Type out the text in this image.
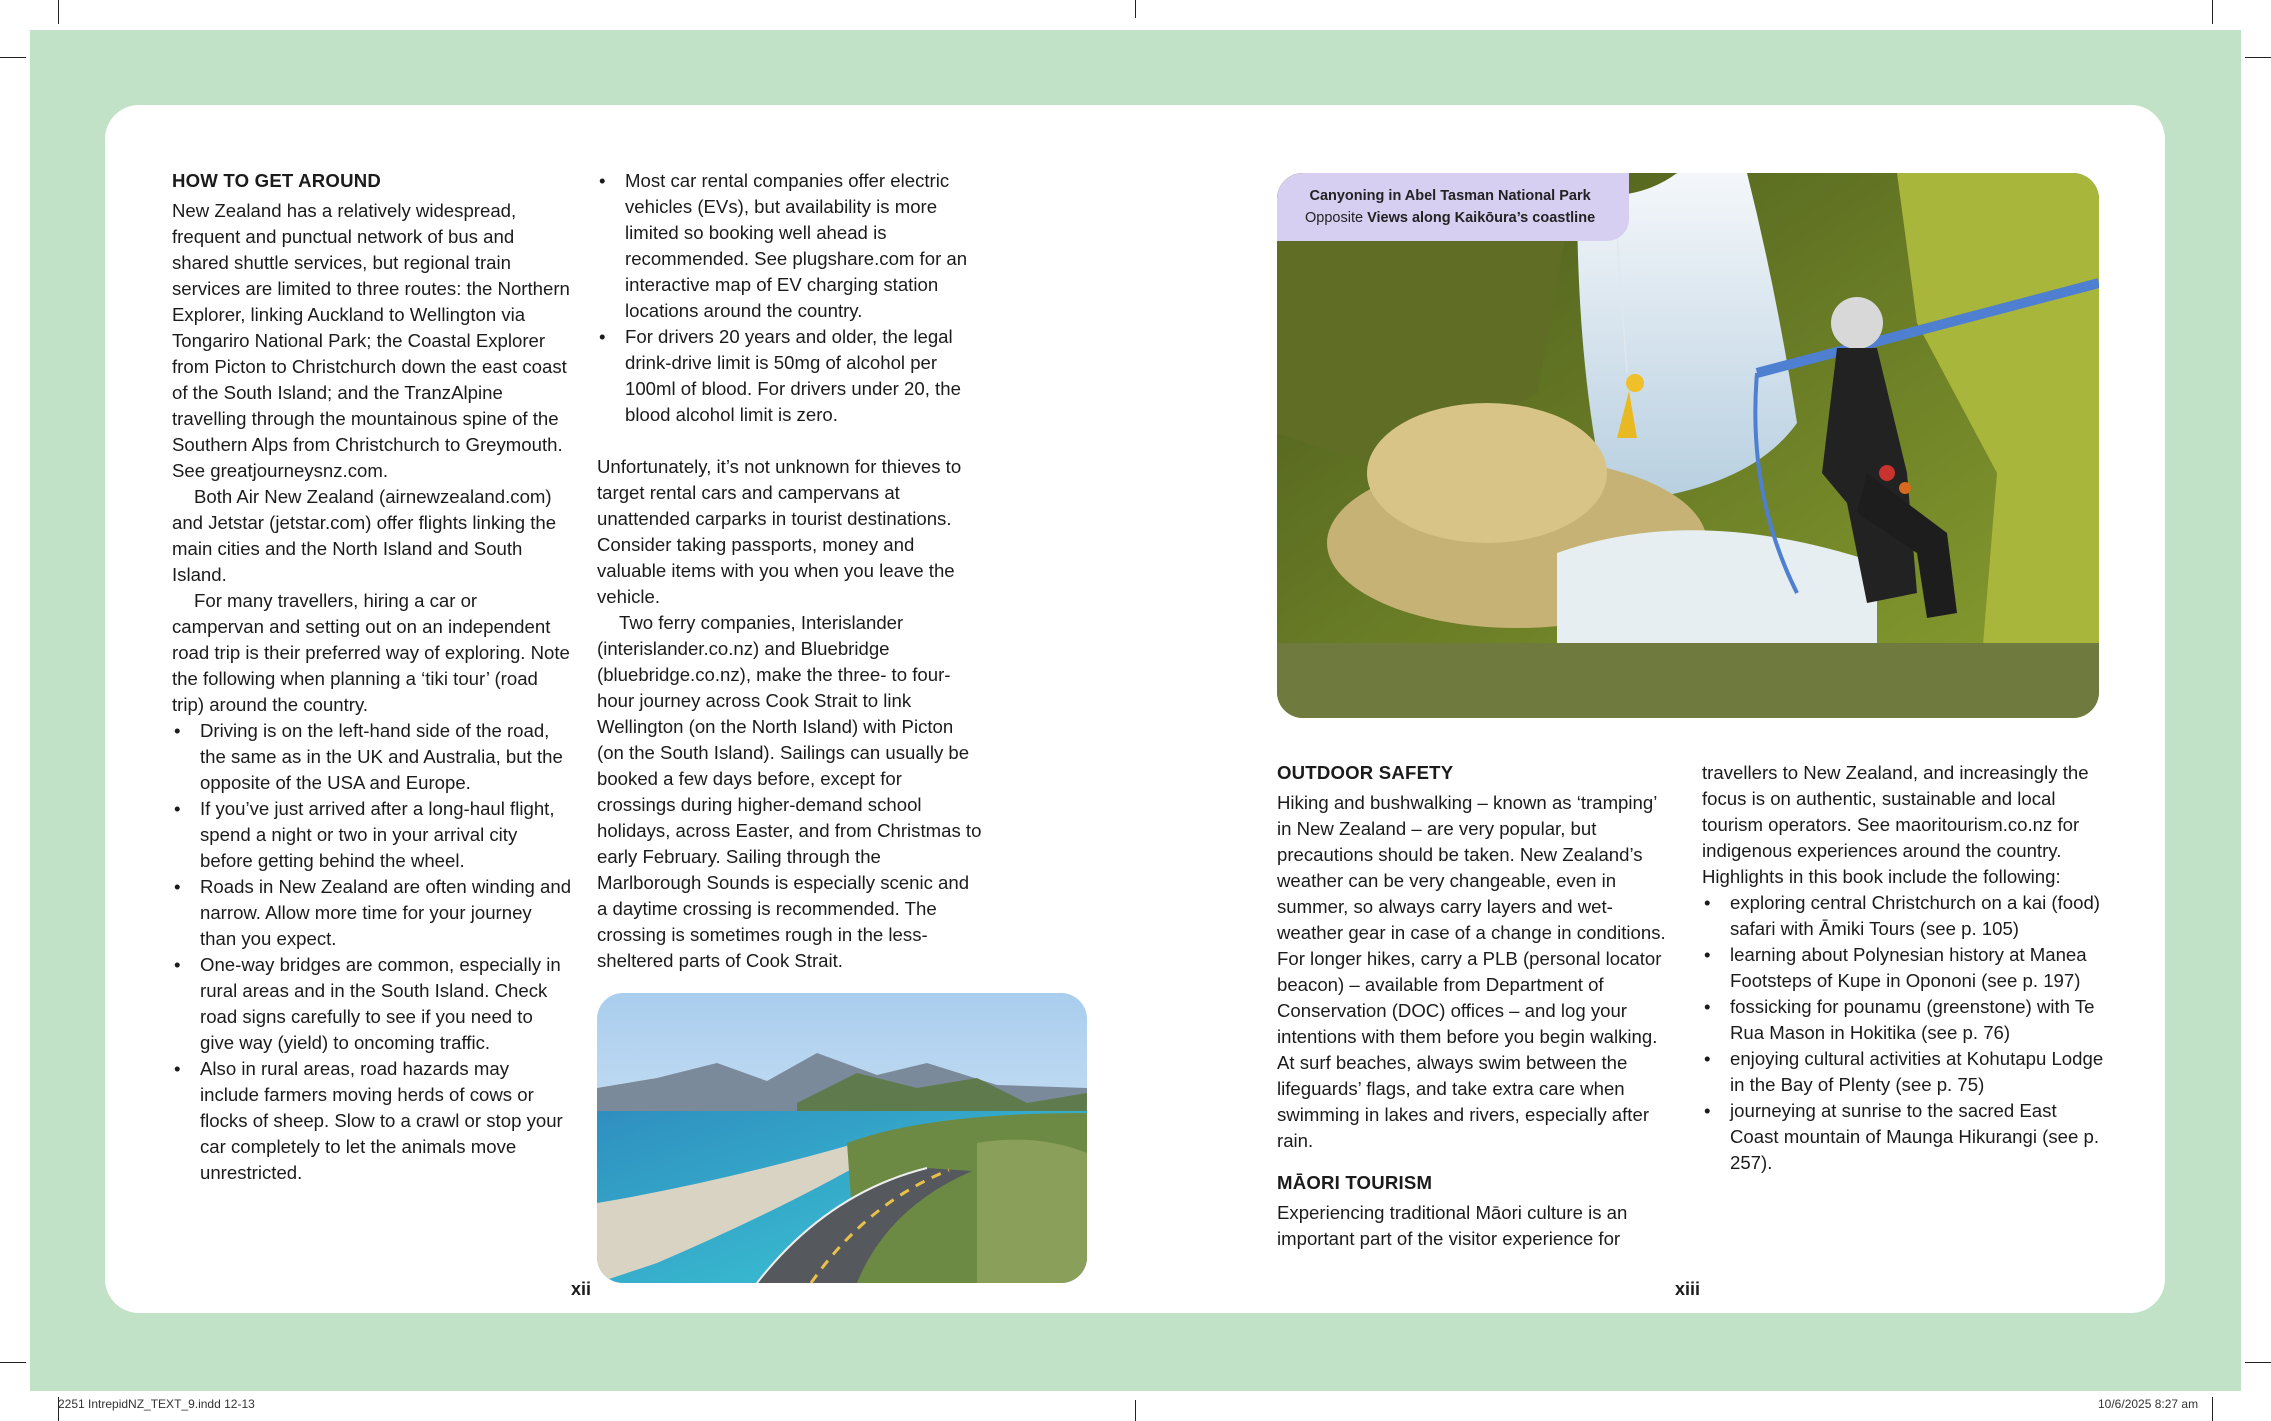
HOW TO GET AROUND

New Zealand has a relatively widespread, frequent and punctual network of bus and shared shuttle services, but regional train services are limited to three routes: the Northern Explorer, linking Auckland to Wellington via Tongariro National Park; the Coastal Explorer from Picton to Christchurch down the east coast of the South Island; and the TranzAlpine travelling through the mountainous spine of the Southern Alps from Christchurch to Greymouth. See greatjourneysnz.com.

Both Air New Zealand (airnewzealand.com) and Jetstar (jetstar.com) offer flights linking the main cities and the North Island and South Island.

For many travellers, hiring a car or campervan and setting out on an independent road trip is their preferred way of exploring. Note the following when planning a ‘tiki tour’ (road trip) around the country.

• Driving is on the left-hand side of the road, the same as in the UK and Australia, but the opposite of the USA and Europe.
• If you’ve just arrived after a long-haul flight, spend a night or two in your arrival city before getting behind the wheel.
• Roads in New Zealand are often winding and narrow. Allow more time for your journey than you expect.
• One-way bridges are common, especially in rural areas and in the South Island. Check road signs carefully to see if you need to give way (yield) to oncoming traffic.
• Also in rural areas, road hazards may include farmers moving herds of cows or flocks of sheep. Slow to a crawl or stop your car completely to let the animals move unrestricted.
• Most car rental companies offer electric vehicles (EVs), but availability is more limited so booking well ahead is recommended. See plugshare.com for an interactive map of EV charging station locations around the country.
• For drivers 20 years and older, the legal drink-drive limit is 50mg of alcohol per 100ml of blood. For drivers under 20, the blood alcohol limit is zero.

Unfortunately, it’s not unknown for thieves to target rental cars and campervans at unattended carparks in tourist destinations. Consider taking passports, money and valuable items with you when you leave the vehicle.

Two ferry companies, Interislander (interislander.co.nz) and Bluebridge (bluebridge.co.nz), make the three- to four-hour journey across Cook Strait to link Wellington (on the North Island) with Picton (on the South Island). Sailings can usually be booked a few days before, except for crossings during higher-demand school holidays, across Easter, and from Christmas to early February. Sailing through the Marlborough Sounds is especially scenic and a daytime crossing is recommended. The crossing is sometimes rough in the less-sheltered parts of Cook Strait.

xii
Canyoning in Abel Tasman National Park
Opposite Views along Kaikōura’s coastline
OUTDOOR SAFETY

Hiking and bushwalking – known as ‘tramping’ in New Zealand – are very popular, but precautions should be taken. New Zealand’s weather can be very changeable, even in summer, so always carry layers and wet-weather gear in case of a change in conditions. For longer hikes, carry a PLB (personal locator beacon) – available from Department of Conservation (DOC) offices – and log your intentions with them before you begin walking. At surf beaches, always swim between the lifeguards’ flags, and take extra care when swimming in lakes and rivers, especially after rain.

MĀORI TOURISM

Experiencing traditional Māori culture is an important part of the visitor experience for

travellers to New Zealand, and increasingly the focus is on authentic, sustainable and local tourism operators. See maoritourism.co.nz for indigenous experiences around the country. Highlights in this book include the following:

• exploring central Christchurch on a kai (food) safari with Āmiki Tours (see p. 105)
• learning about Polynesian history at Manea Footsteps of Kupe in Opononi (see p. 197)
• fossicking for pounamu (greenstone) with Te Rua Mason in Hokitika (see p. 76)
• enjoying cultural activities at Kohutapu Lodge in the Bay of Plenty (see p. 75)
• journeying at sunrise to the sacred East Coast mountain of Maunga Hikurangi (see p. 257).
xiii
2251 IntrepidNZ_TEXT_9.indd 12-13	10/6/2025 8:27 am
